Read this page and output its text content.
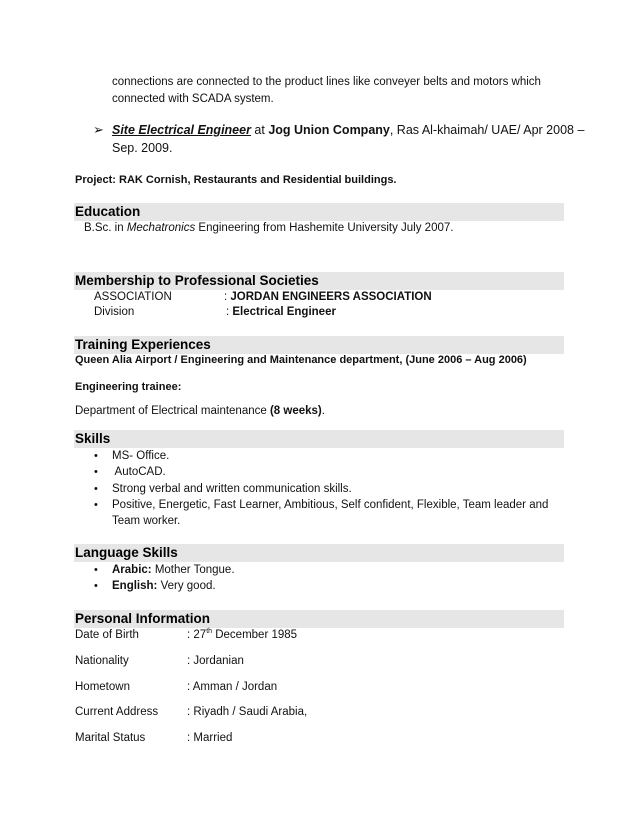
connections are connected to the product lines like conveyer belts and motors which
connected with SCADA system.
➢ Site Electrical Engineer at Jog Union Company, Ras Al-khaimah/ UAE/ Apr 2008 –
Sep. 2009.
Project: RAK Cornish, Restaurants and Residential buildings.
Education
B.Sc. in Mechatronics Engineering from Hashemite University July 2007.
Membership to Professional Societies
ASSOCIATION	: JORDAN ENGINEERS ASSOCIATION
Division	: Electrical Engineer
Training Experiences
Queen Alia Airport / Engineering and Maintenance department, (June 2006 – Aug 2006)
Engineering trainee:
Department of Electrical maintenance (8 weeks).
Skills
• MS- Office.
• AutoCAD.
• Strong verbal and written communication skills.
• Positive, Energetic, Fast Learner, Ambitious, Self confident, Flexible, Team leader and
Team worker.
Language Skills
• Arabic: Mother Tongue.
• English: Very good.
Personal Information
Date of Birth	: 27th December 1985
Nationality	: Jordanian
Hometown	: Amman / Jordan
Current Address	: Riyadh / Saudi Arabia,
Marital Status	: Married
